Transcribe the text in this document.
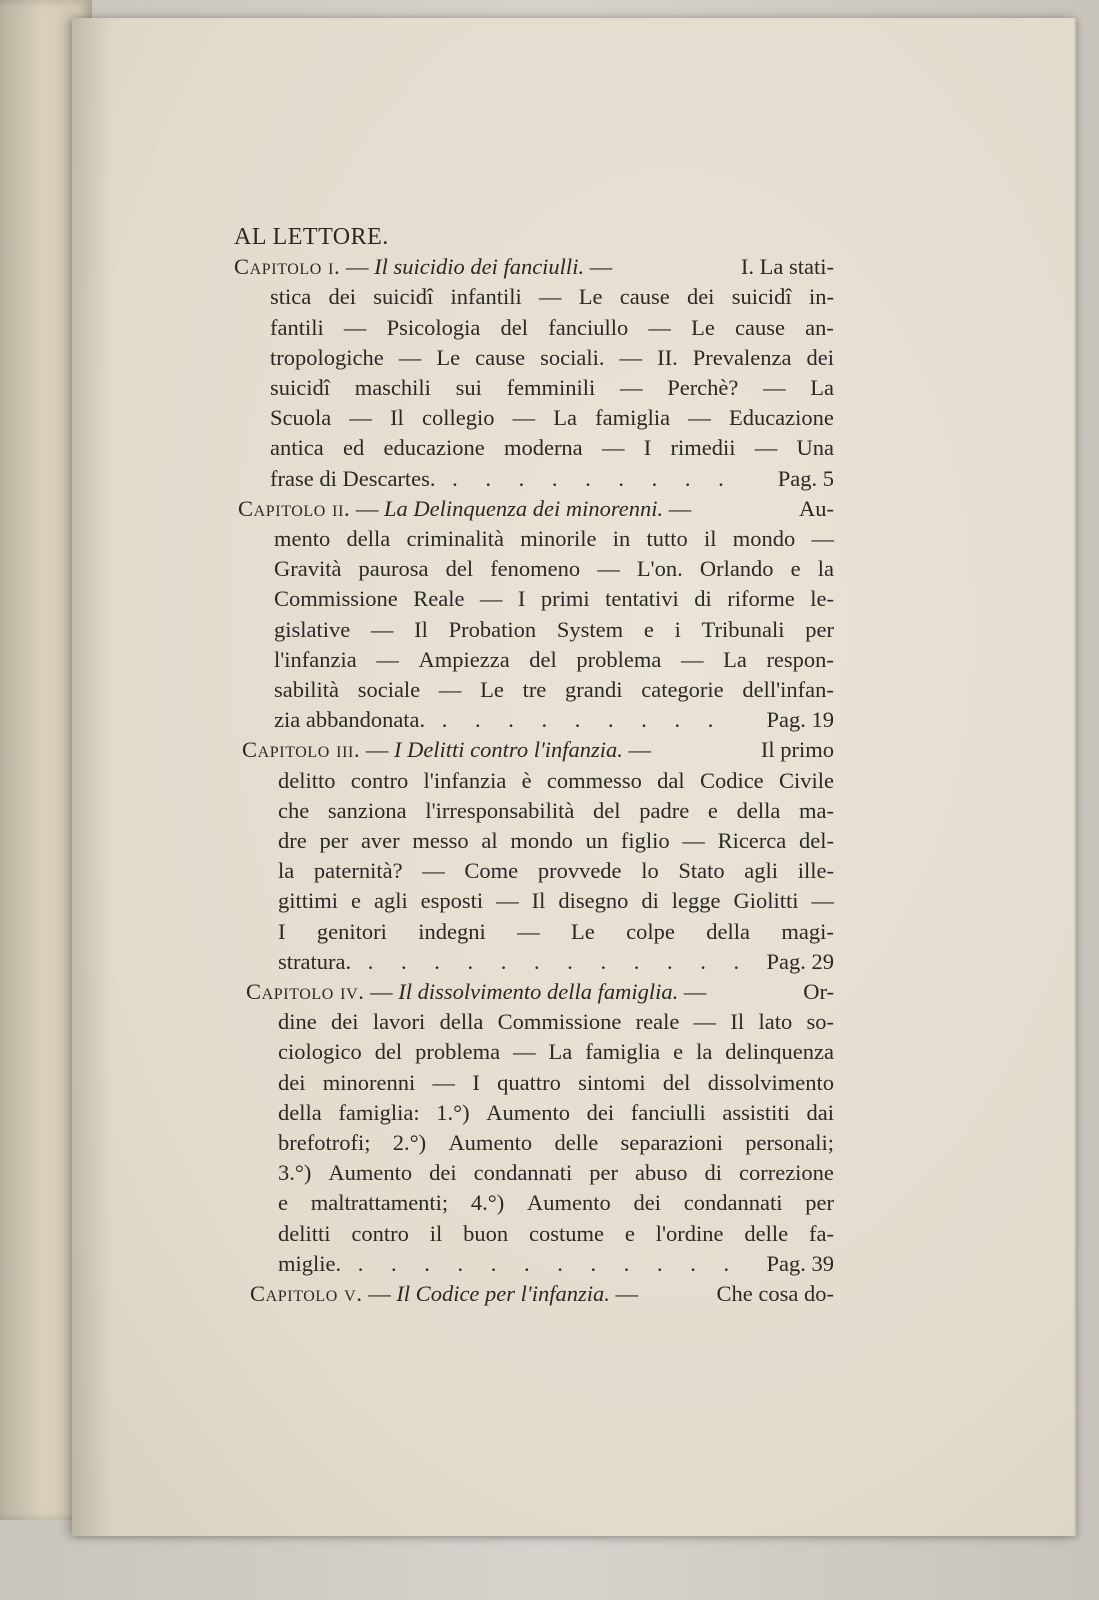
AL LETTORE.
Capitolo i. — Il suicidio dei fanciulli. —	I. La stati-
stica dei suicidî infantili — Le cause dei suicidî in-
fantili — Psicologia del fanciullo — Le cause an-
tropologiche — Le cause sociali. — II. Prevalenza dei
suicidî maschili sui femminili — Perchè? — La
Scuola — Il collegio — La famiglia — Educazione
antica ed educazione moderna — I rimedii — Una
frase di Descartes. . . . . . . . . . Pag. 5
Capitolo ii. — La Delinquenza dei minorenni. —	Au-
mento della criminalità minorile in tutto il mondo —
Gravità paurosa del fenomeno — L'on. Orlando e la
Commissione Reale — I primi tentativi di riforme le-
gislative — Il Probation System e i Tribunali per
l'infanzia — Ampiezza del problema — La respon-
sabilità sociale — Le tre grandi categorie dell'infan-
zia abbandonata. . . . . . . . . . Pag. 19
Capitolo iii. — I Delitti contro l'infanzia. —	Il primo
delitto contro l'infanzia è commesso dal Codice Civile
che sanziona l'irresponsabilità del padre e della ma-
dre per aver messo al mondo un figlio — Ricerca del-
la paternità? — Come provvede lo Stato agli ille-
gittimi e agli esposti — Il disegno di legge Giolitti —
I genitori indegni — Le colpe della magi-
stratura. . . . . . . . . . . . . Pag. 29
Capitolo iv. — Il dissolvimento della famiglia. —	Or-
dine dei lavori della Commissione reale — Il lato so-
ciologico del problema — La famiglia e la delinquenza
dei minorenni — I quattro sintomi del dissolvimento
della famiglia: 1.°) Aumento dei fanciulli assistiti dai
brefotrofi; 2.°) Aumento delle separazioni personali;
3.°) Aumento dei condannati per abuso di correzione
e maltrattamenti; 4.°) Aumento dei condannati per
delitti contro il buon costume e l'ordine delle fa-
miglie. . . . . . . . . . . . . Pag. 39
Capitolo v. — Il Codice per l'infanzia. —	Che cosa do-
